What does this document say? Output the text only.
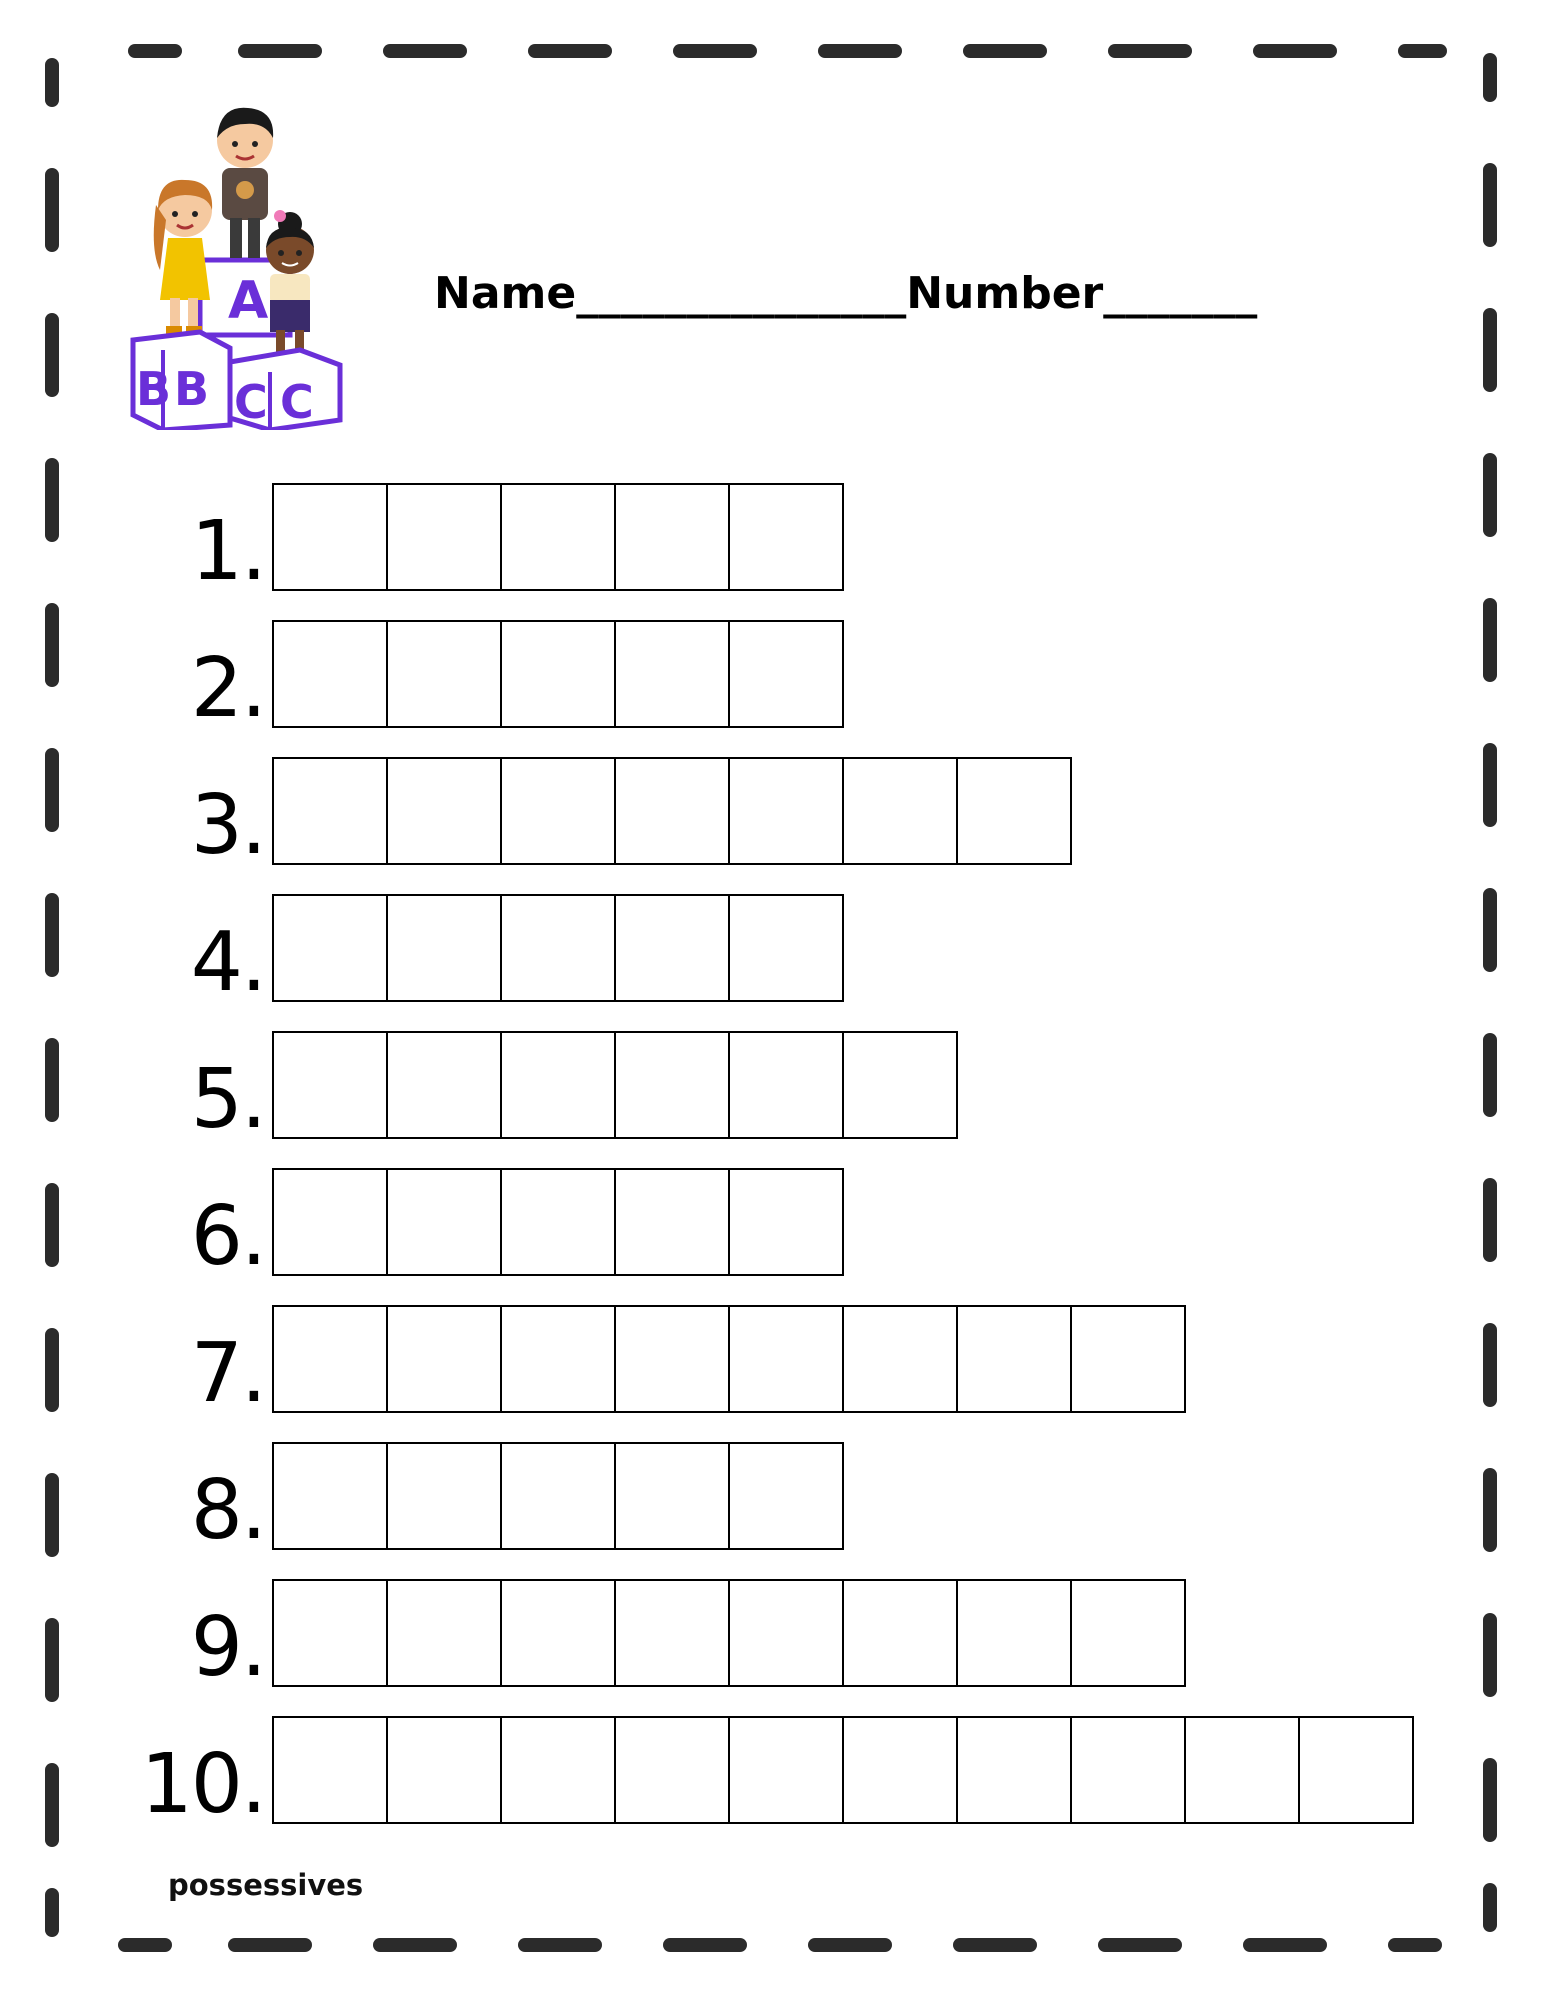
A
B B C C
Name_______________Number_______
1.
2.
3.
4.
5.
6.
7.
8.
9.
10.
possessives
